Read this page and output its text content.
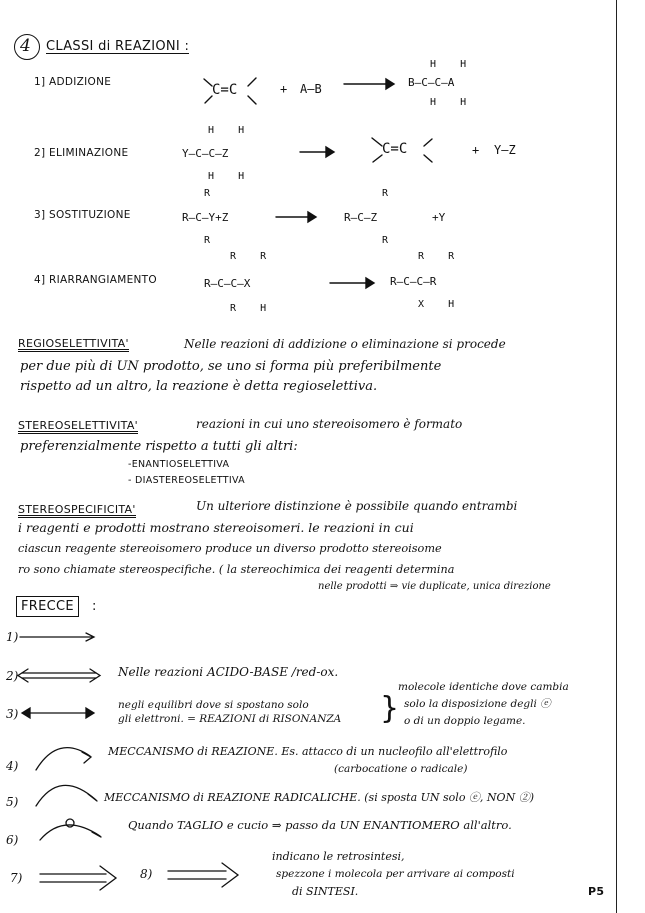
4 CLASSI di REAZIONI :
1] ADDIZIONE	C=C	+ A—B
H    H
B—C—C—A
H    H
2] ELIMINAZIONE
H    H
Y—C—C—Z
H    H
C=C	+ Y—Z
3] SOSTITUZIONE
R
R—C—Y+Z
R
R
R—C—Z
R
+Y
4] RIARRANGIAMENTO
R    R
R—C—C—X
R    H
R    R
R—C—C—R
X    H
REGIOSELETTIVITA'	Nelle reazioni di addizione o eliminazione si procede
per due più di UN prodotto, se uno si forma più preferibilmente
rispetto ad un altro, la reazione è detta regioselettiva.
STEREOSELETTIVITA'	reazioni in cui uno stereoisomero è formato
preferenzialmente rispetto a tutti gli altri:
-ENANTIOSELETTIVA
- DIASTEREOSELETTIVA
STEREOSPECIFICITA'	Un ulteriore distinzione è possibile quando entrambi
i reagenti e prodotti mostrano stereoisomeri. le reazioni in cui
ciascun reagente stereoisomero produce un diverso prodotto stereoisome
ro sono chiamate stereospecifiche. ( la stereochimica dei reagenti determina
nelle prodotti ⇒ vie duplicate, unica direzione
FRECCE	:
1)
2)	Nelle reazioni ACIDO-BASE /red-ox.
3)
negli equilibri dove si spostano solo
gli elettroni. = REAZIONI di RISONANZA }
molecole identiche dove cambia
solo la disposizione degli ⓔ
o di un doppio legame.
4)
MECCANISMO di REAZIONE. Es. attacco di un nucleofilo all'elettrofilo
(carbocatione o radicale)
5)	MECCANISMO di REAZIONE RADICALICHE. (si sposta UN solo ⓔ, NON ②)
6)
Quando TAGLIO e cucio ⇒ passo da UN ENANTIOMERO all'altro.
7)	8)
indicano le retrosintesi,
spezzone i molecola per arrivare ai composti
di SINTESI.	P5
